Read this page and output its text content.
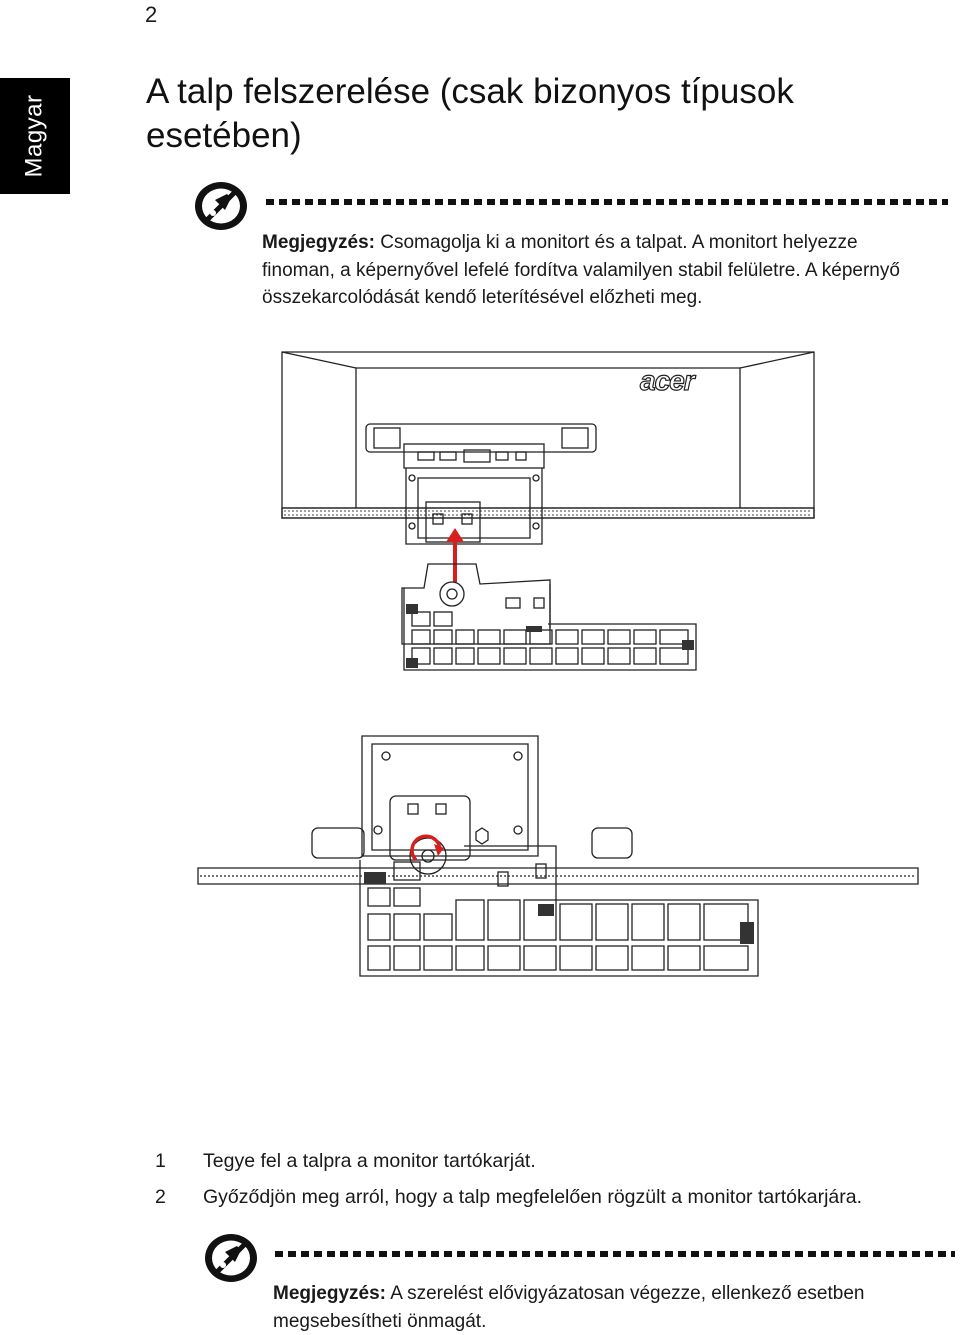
2
Magyar
A talp felszerelése (csak bizonyos típusok esetében)
Megjegyzés: Csomagolja ki a monitort és a talpat. A monitort helyezze finoman, a képernyővel lefelé fordítva valamilyen stabil felületre. A képernyő összekarcolódását kendő leterítésével előzheti meg.
acer
1 Tegye fel a talpra a monitor tartókarját.
2 Győződjön meg arról, hogy a talp megfelelően rögzült a monitor tartókarjára.
Megjegyzés: A szerelést elővigyázatosan végezze, ellenkező esetben megsebesítheti önmagát.
